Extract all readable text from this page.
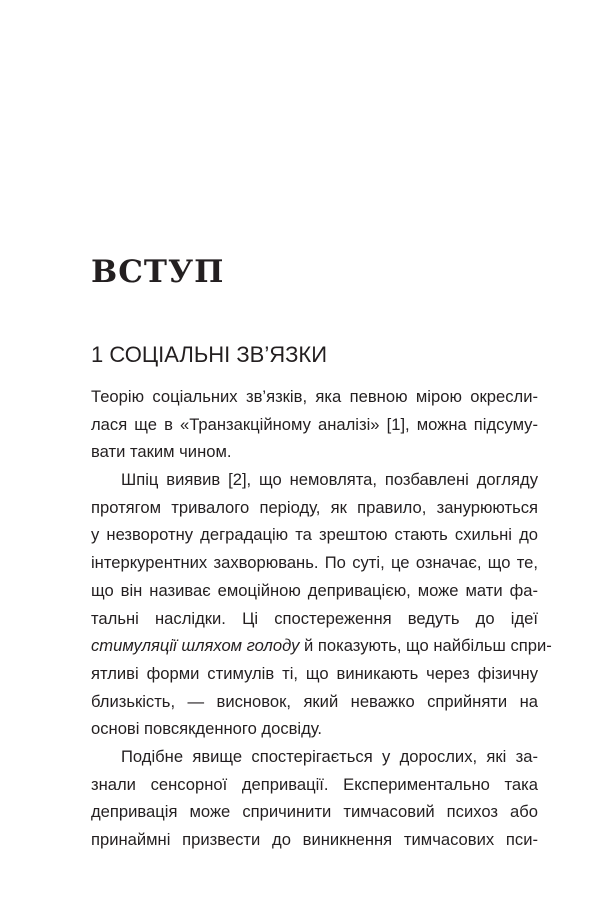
ВСТУП
1 СОЦІАЛЬНІ ЗВ’ЯЗКИ
Теорію соціальних зв’язків, яка певною мірою окресли-
лася ще в «Транзакційному аналізі» [1], можна підсуму-
вати таким чином.
Шпіц виявив [2], що немовлята, позбавлені догляду
протягом тривалого періоду, як правило, занурюються
у незворотну деградацію та зрештою стають схильні до
інтеркурентних захворювань. По суті, це означає, що те,
що він називає емоційною депривацією, може мати фа-
тальні наслідки. Ці спостереження ведуть до ідеї
стимуляції шляхом голоду й показують, що найбільш спри-
ятливі форми стимулів ті, що виникають через фізичну
близькість, — висновок, який неважко сприйняти на
основі повсякденного досвіду.
Подібне явище спостерігається у дорослих, які за-
знали сенсорної депривації. Експериментально така
депривація може спричинити тимчасовий психоз або
принаймні призвести до виникнення тимчасових пси-
